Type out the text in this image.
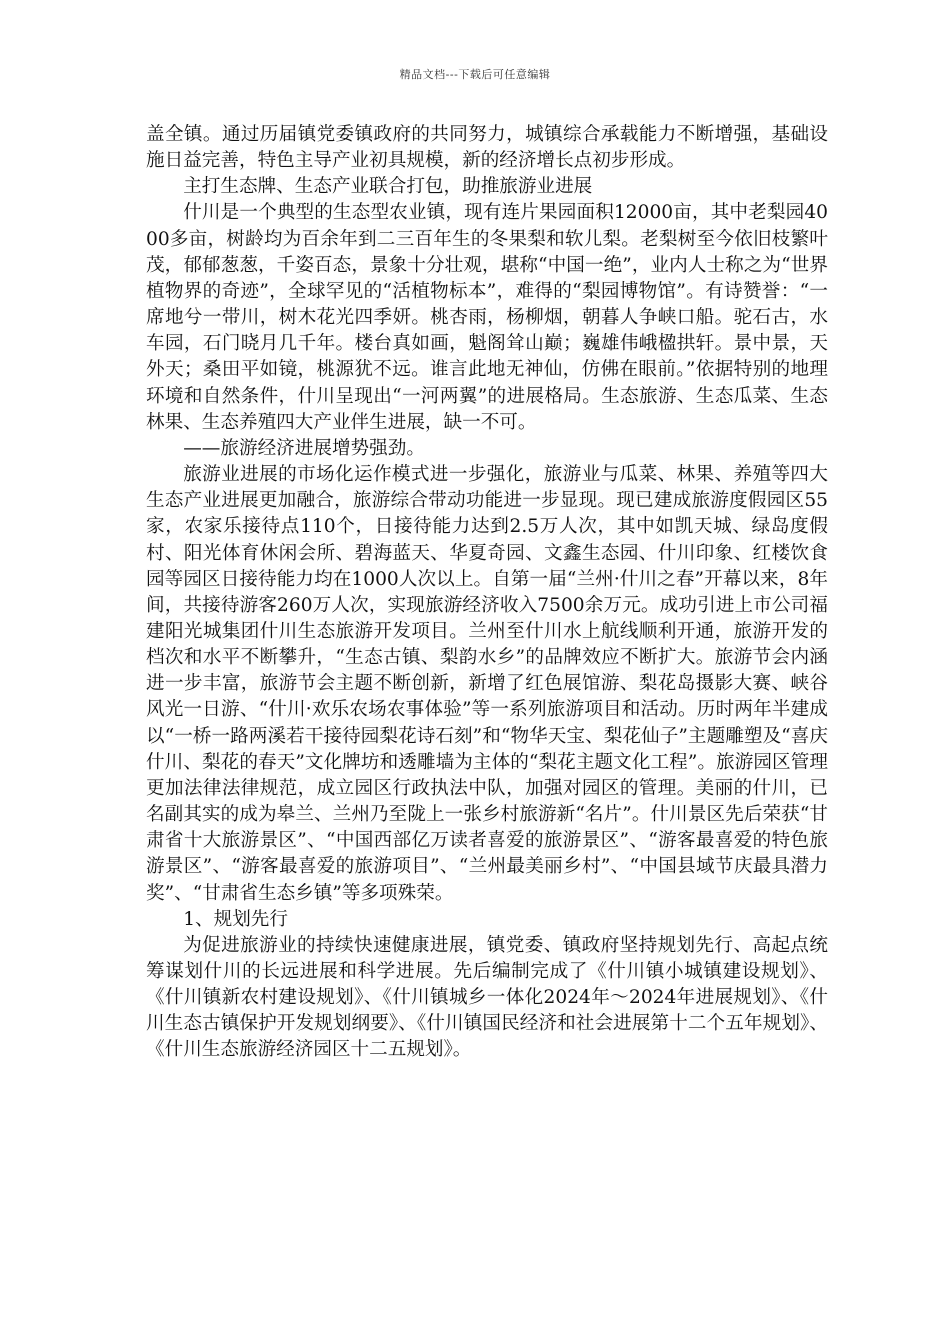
精品文档---下载后可任意编辑

盖全镇。通过历届镇党委镇政府的共同努力，城镇综合承载能力不断增强，基础设施日益完善，特色主导产业初具规模，新的经济增长点初步形成。

主打生态牌、生态产业联合打包，助推旅游业进展

什川是一个典型的生态型农业镇，现有连片果园面积12000亩，其中老梨园4000多亩，树龄均为百余年到二三百年生的冬果梨和软儿梨。老梨树至今依旧枝繁叶茂，郁郁葱葱，千姿百态，景象十分壮观，堪称“中国一绝”，业内人士称之为“世界植物界的奇迹”，全球罕见的“活植物标本”，难得的“梨园博物馆”。有诗赞誉：“一席地兮一带川，树木花光四季妍。桃杏雨，杨柳烟，朝暮人争峡口船。驼石古，水车园，石门晓月几千年。楼台真如画，魁阁耸山巅；巍雄伟峨楹拱轩。景中景，天外天；桑田平如镜，桃源犹不远。谁言此地无神仙，仿佛在眼前。”依据特别的地理环境和自然条件，什川呈现出“一河两翼”的进展格局。生态旅游、生态瓜菜、生态林果、生态养殖四大产业伴生进展，缺一不可。

——旅游经济进展增势强劲。

旅游业进展的市场化运作模式进一步强化，旅游业与瓜菜、林果、养殖等四大生态产业进展更加融合，旅游综合带动功能进一步显现。现已建成旅游度假园区55家，农家乐接待点110个，日接待能力达到2.5万人次，其中如凯天城、绿岛度假村、阳光体育休闲会所、碧海蓝天、华夏奇园、文鑫生态园、什川印象、红楼饮食园等园区日接待能力均在1000人次以上。自第一届“兰州·什川之春”开幕以来，8年间，共接待游客260万人次，实现旅游经济收入7500余万元。成功引进上市公司福建阳光城集团什川生态旅游开发项目。兰州至什川水上航线顺利开通，旅游开发的档次和水平不断攀升，“生态古镇、梨韵水乡”的品牌效应不断扩大。旅游节会内涵进一步丰富，旅游节会主题不断创新，新增了红色展馆游、梨花岛摄影大赛、峡谷风光一日游、“什川·欢乐农场农事体验”等一系列旅游项目和活动。历时两年半建成以“一桥一路两溪若干接待园梨花诗石刻”和“物华天宝、梨花仙子”主题雕塑及“喜庆什川、梨花的春天”文化牌坊和透雕墙为主体的“梨花主题文化工程”。旅游园区管理更加法律法律规范，成立园区行政执法中队，加强对园区的管理。美丽的什川，已名副其实的成为皋兰、兰州乃至陇上一张乡村旅游新“名片”。什川景区先后荣获“甘肃省十大旅游景区”、“中国西部亿万读者喜爱的旅游景区”、“游客最喜爱的特色旅游景区”、“游客最喜爱的旅游项目”、“兰州最美丽乡村”、“中国县域节庆最具潜力奖”、“甘肃省生态乡镇”等多项殊荣。

1、规划先行

为促进旅游业的持续快速健康进展，镇党委、镇政府坚持规划先行、高起点统筹谋划什川的长远进展和科学进展。先后编制完成了《什川镇小城镇建设规划》、《什川镇新农村建设规划》、《什川镇城乡一体化2024年～2024年进展规划》、《什川生态古镇保护开发规划纲要》、《什川镇国民经济和社会进展第十二个五年规划》、《什川生态旅游经济园区十二五规划》。
